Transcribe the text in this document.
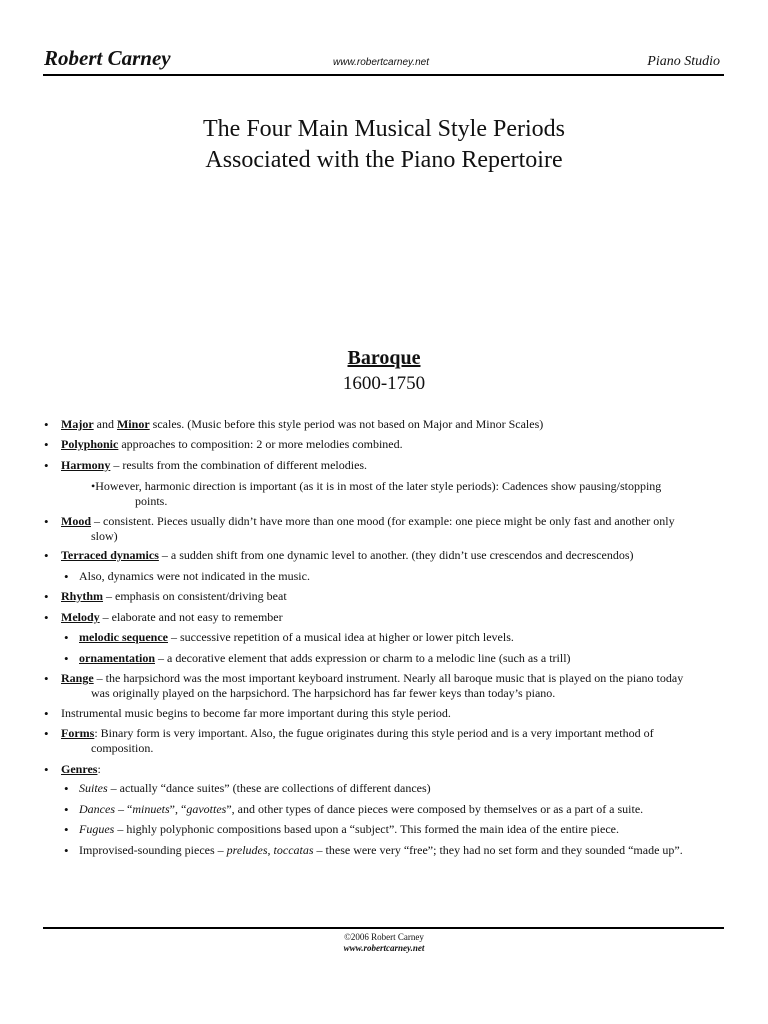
Robert Carney	www.robertcarney.net	Piano Studio
The Four Main Musical Style Periods
Associated with the Piano Repertoire
Baroque
1600-1750
• Major and Minor scales. (Music before this style period was not based on Major and Minor Scales)
• Polyphonic approaches to composition: 2 or more melodies combined.
• Harmony – results from the combination of different melodies.
•However, harmonic direction is important (as it is in most of the later style periods): Cadences show pausing/stopping
points.
• Mood – consistent. Pieces usually didn’t have more than one mood (for example: one piece might be only fast and another only
slow)
• Terraced dynamics – a sudden shift from one dynamic level to another. (they didn’t use crescendos and decrescendos)
• Also, dynamics were not indicated in the music.
• Rhythm – emphasis on consistent/driving beat
• Melody – elaborate and not easy to remember
• melodic sequence – successive repetition of a musical idea at higher or lower pitch levels.
• ornamentation – a decorative element that adds expression or charm to a melodic line (such as a trill)
• Range – the harpsichord was the most important keyboard instrument. Nearly all baroque music that is played on the piano today
was originally played on the harpsichord. The harpsichord has far fewer keys than today’s piano.
• Instrumental music begins to become far more important during this style period.
• Forms: Binary form is very important. Also, the fugue originates during this style period and is a very important method of
composition.
• Genres:
• Suites – actually “dance suites” (these are collections of different dances)
• Dances – “minuets”, “gavottes”, and other types of dance pieces were composed by themselves or as a part of a suite.
• Fugues – highly polyphonic compositions based upon a “subject”. This formed the main idea of the entire piece.
• Improvised-sounding pieces – preludes, toccatas – these were very “free”; they had no set form and they sounded “made up”.
©2006 Robert Carney
www.robertcarney.net
